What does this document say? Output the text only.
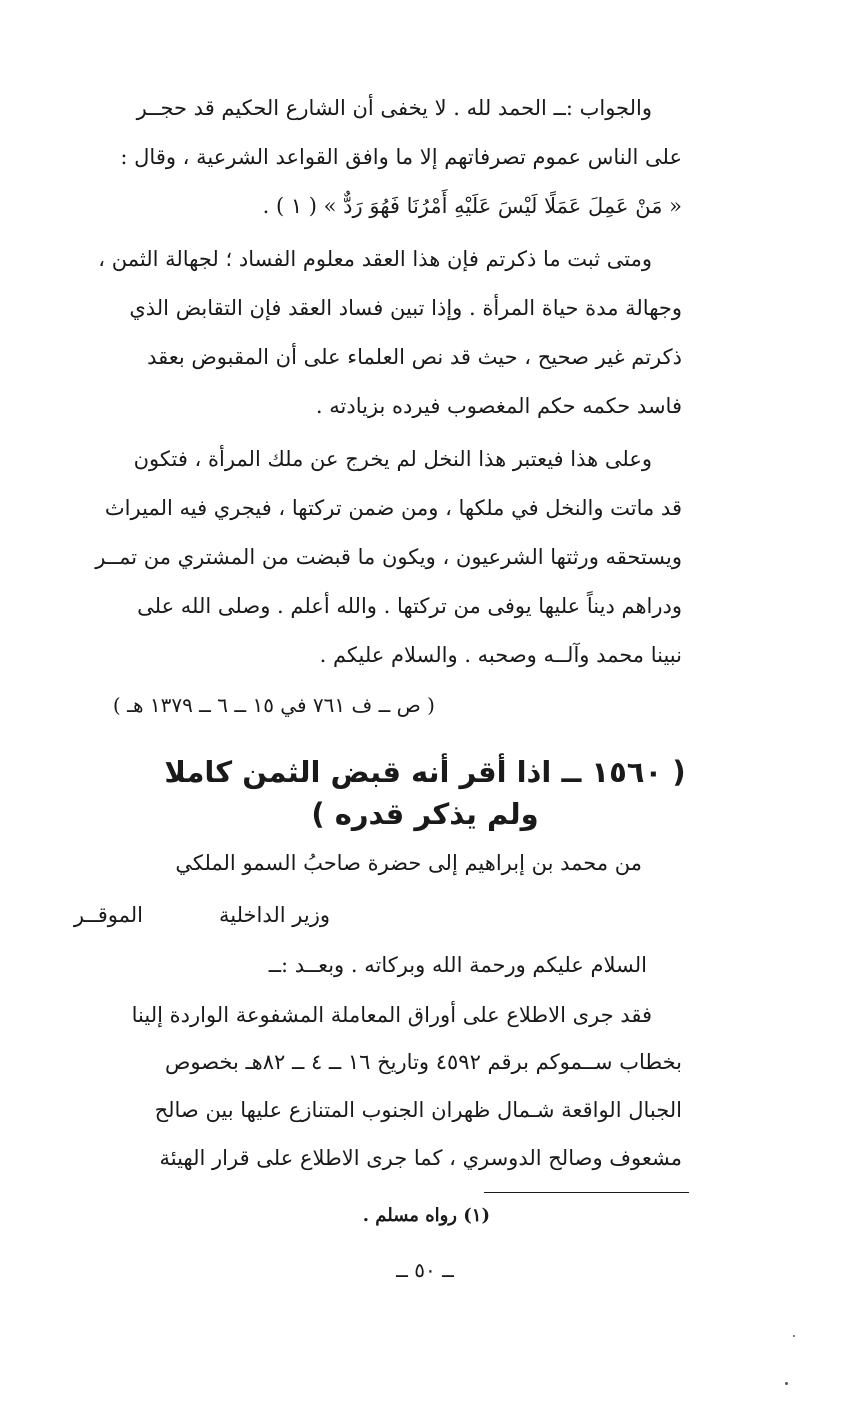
والجواب :ــ الحمد لله . لا يخفى أن الشارع الحكيم قد حجــر
على الناس عموم تصرفاتهم إلا ما وافق القواعد الشرعية ، وقال :
« مَنْ عَمِلَ عَمَلًا لَيْسَ عَلَيْهِ أَمْرُنَا فَهُوَ رَدٌّ » ( ١ ) .
ومتى ثبت ما ذكرتم فإن هذا العقد معلوم الفساد ؛ لجهالة الثمن ،
وجهالة مدة حياة المرأة . وإذا تبين فساد العقد فإن التقابض الذي
ذكرتم غير صحيح ، حيث قد نص العلماء على أن المقبوض بعقد
فاسد حكمه حكم المغصوب فيرده بزيادته .
وعلى هذا فيعتبر هذا النخل لم يخرج عن ملك المرأة ، فتكون
قد ماتت والنخل في ملكها ، ومن ضمن تركتها ، فيجري فيه الميراث
ويستحقه ورثتها الشرعيون ، ويكون ما قبضت من المشتري من تمــر
ودراهم ديناً عليها يوفى من تركتها . والله أعلم . وصلى الله على
نبينا محمد وآلــه وصحبه . والسلام عليكم .
( ص ــ ف ٧٦١ في ١٥ ــ ٦ ــ ١٣٧٩ هـ )
( ١٥٦٠ ــ اذا أقر أنه قبض الثمن كاملا
ولم يذكر قدره )
من محمد بن إبراهيم إلى حضرة صاحبُ السمو الملكي
وزير الداخلية
الموقــر
السلام عليكم ورحمة الله وبركاته . وبعــد :ــ
فقد جرى الاطلاع على أوراق المعاملة المشفوعة الواردة إلينا
بخطاب ســموكم برقم ٤٥٩٢ وتاريخ ١٦ ــ ٤ ــ ٨٢هـ بخصوص
الجبال الواقعة شـمال ظهران الجنوب المتنازع عليها بين صالح
مشعوف وصالح الدوسري ، كما جرى الاطلاع على قرار الهيئة
(١) رواه مسلم .
ــ ٥٠ ــ
